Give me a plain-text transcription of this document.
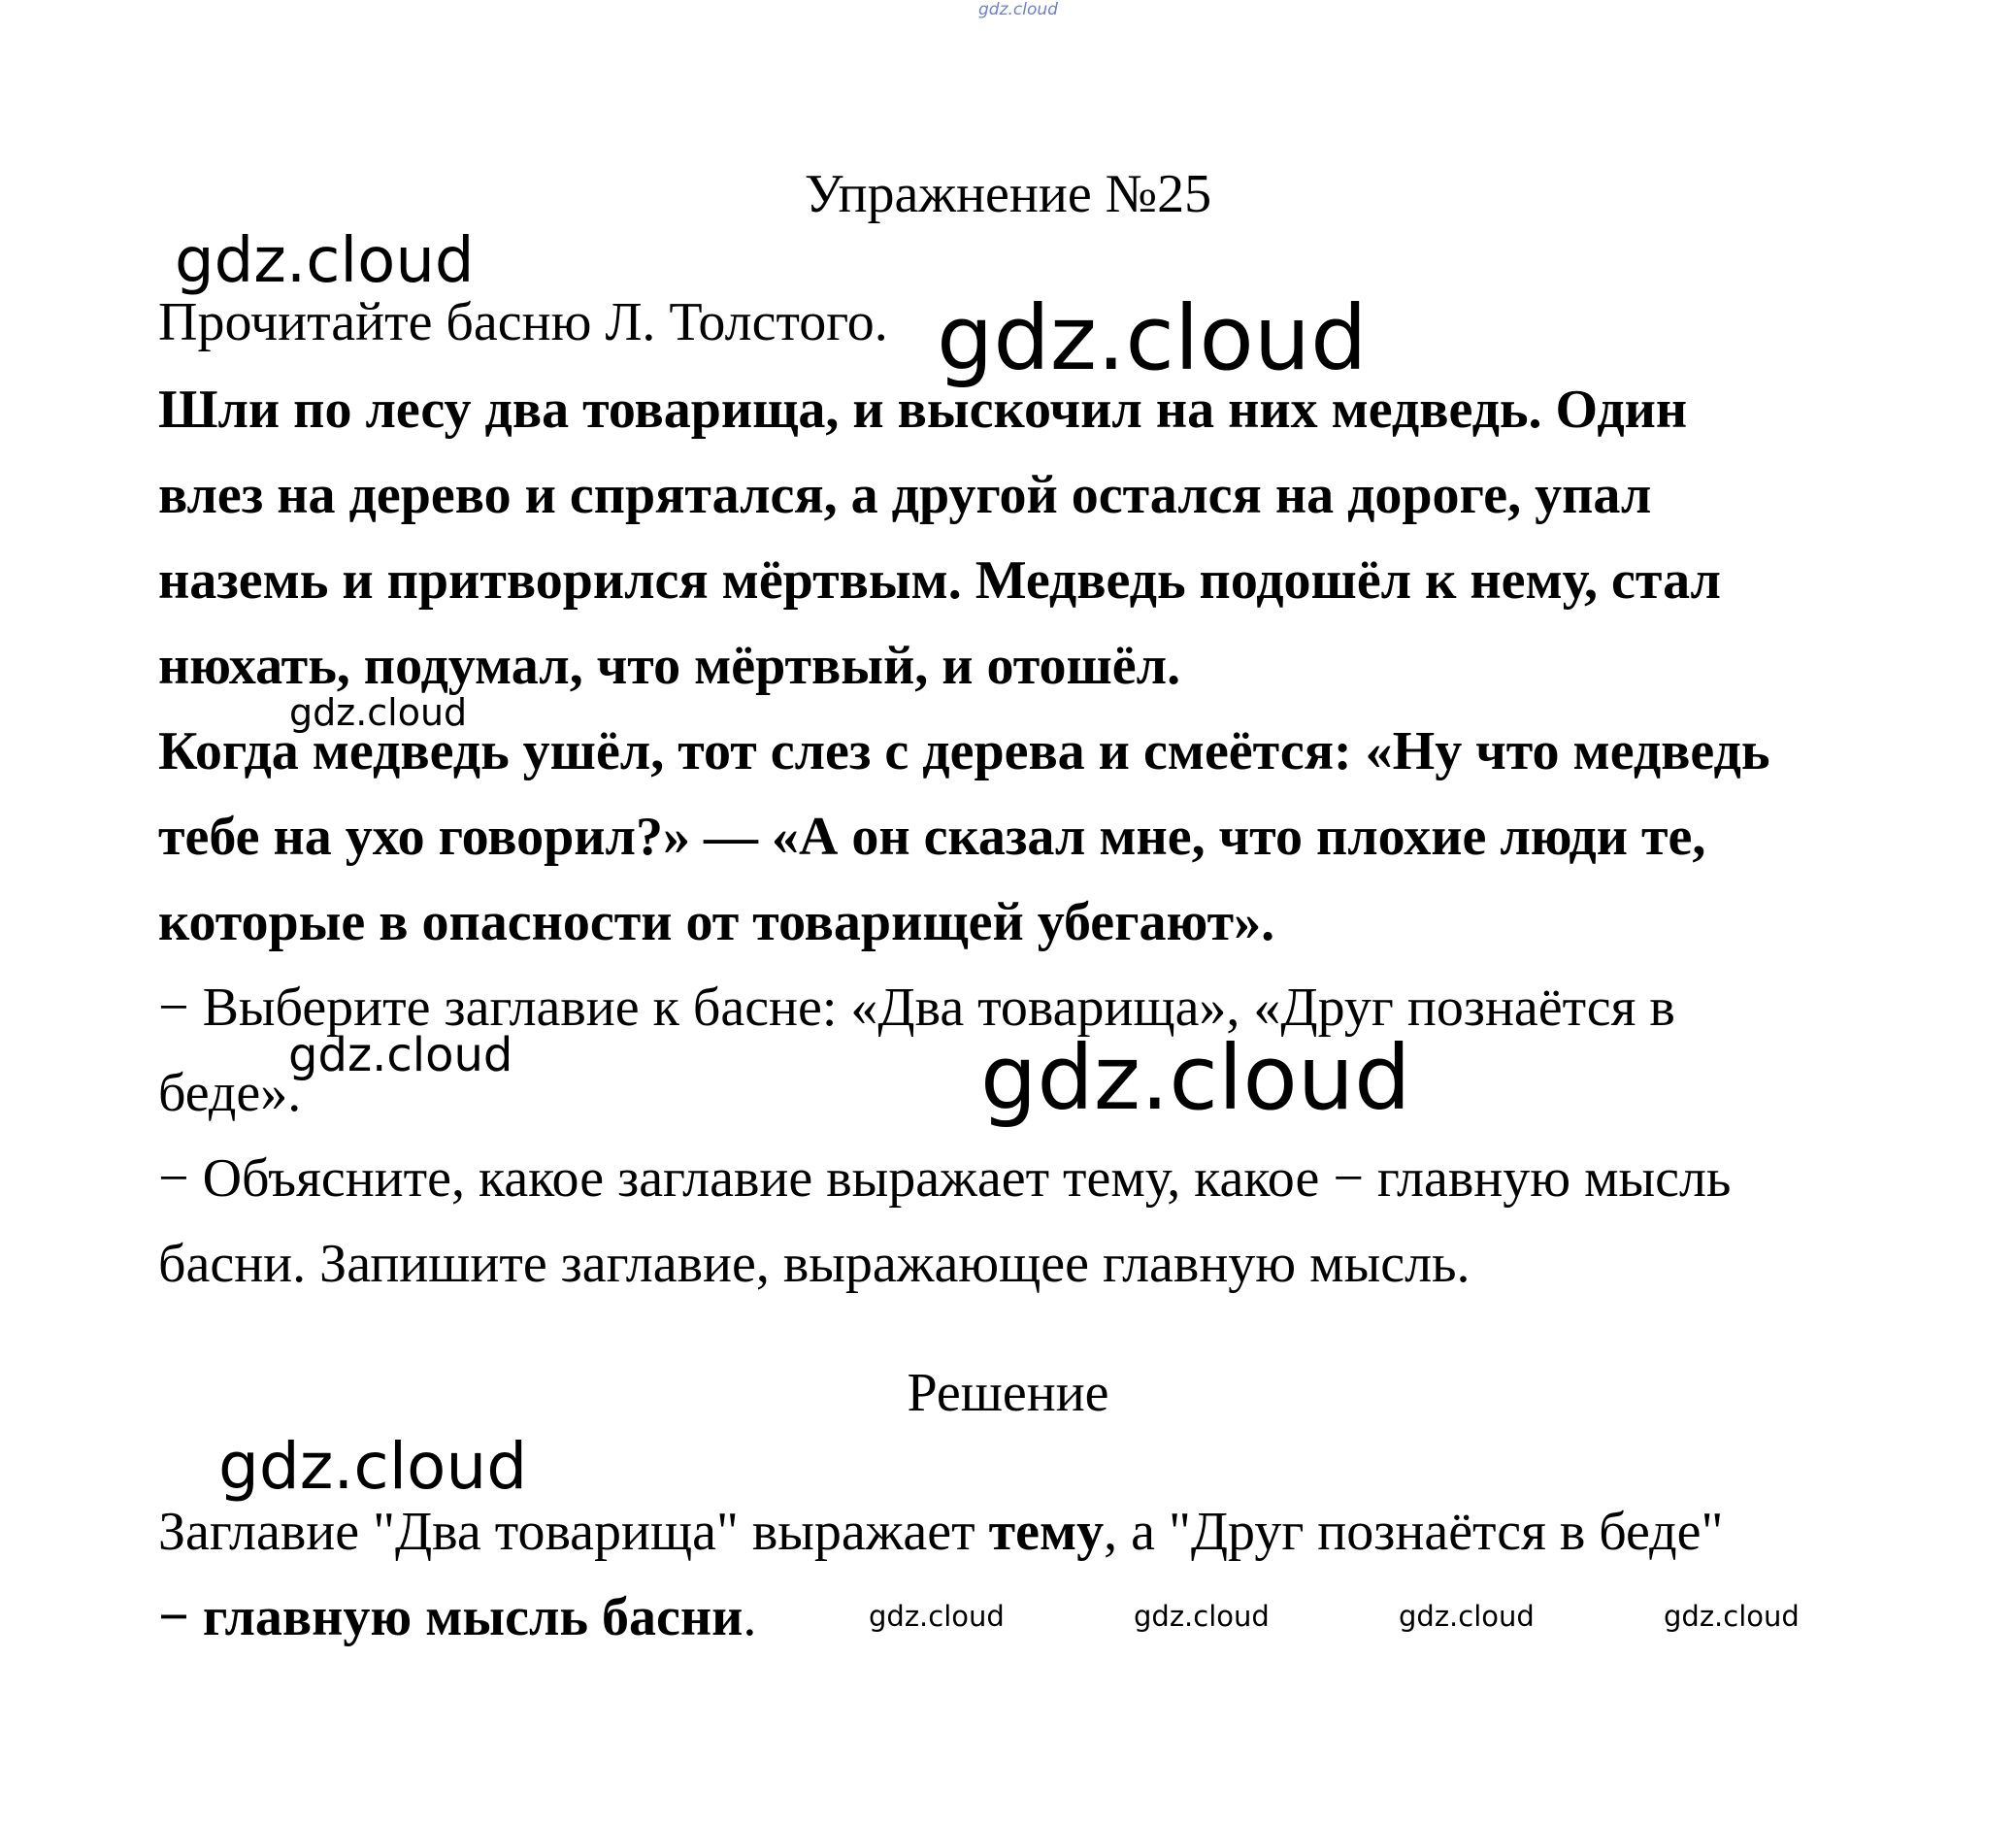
Упражнение №25
Прочитайте басню Л. Толстого.
Шли по лесу два товарища, и выскочил на них медведь. Один
влез на дерево и спрятался, а другой остался на дороге, упал
наземь и притворился мёртвым. Медведь подошёл к нему, стал
нюхать, подумал, что мёртвый, и отошёл.
Когда медведь ушёл, тот слез с дерева и смеётся: «Ну что медведь
тебе на ухо говорил?» — «А он сказал мне, что плохие люди те,
которые в опасности от товарищей убегают».
− Выберите заглавие к басне: «Два товарища», «Друг познаётся в
беде».
− Объясните, какое заглавие выражает тему, какое − главную мысль
басни. Запишите заглавие, выражающее главную мысль.
Решение
Заглавие "Два товарища" выражает тему, а "Друг познаётся в беде"
− главную мысль басни.
gdz.cloud
gdz.cloud
gdz.cloud
gdz.cloud
gdz.cloud	gdz.cloud
gdz.cloud
gdz.cloud	gdz.cloud	gdz.cloud	gdz.cloud
